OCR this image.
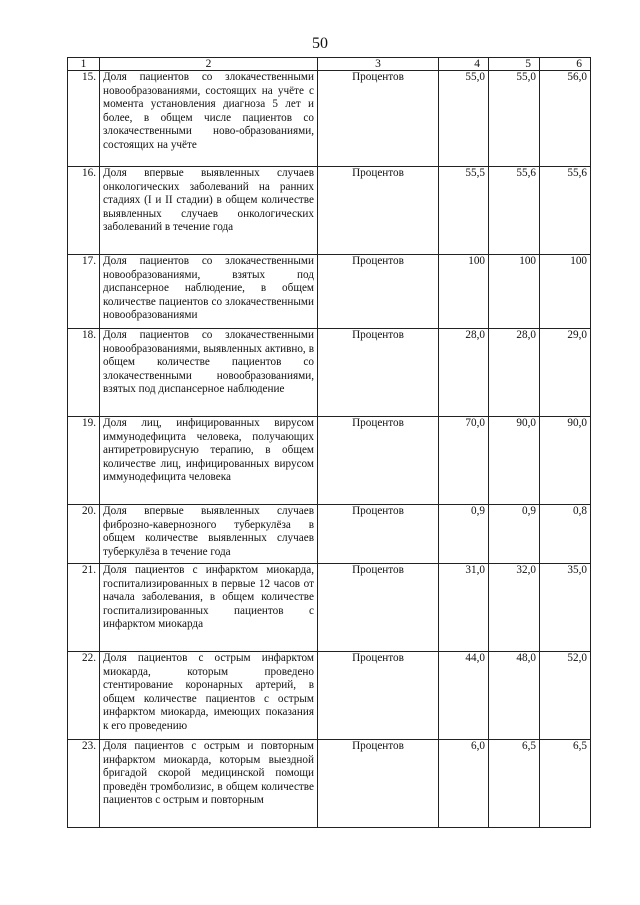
50
1	2	3	4	5	6
15.	Доля пациентов со злокачественными новообразованиями, состоящих на учёте с момента установления диагноза 5 лет и более, в общем числе пациентов со злокачественными ново-образованиями, состоящих на учёте	Процентов	55,0	55,0	56,0
16.	Доля впервые выявленных случаев онкологических заболеваний на ранних стадиях (I и II стадии) в общем количестве выявленных случаев онкологических заболеваний в течение года	Процентов	55,5	55,6	55,6
17.	Доля пациентов со злокачественными новообразованиями, взятых под диспансерное наблюдение, в общем количестве пациентов со злокачественными новообразованиями	Процентов	100	100	100
18.	Доля пациентов со злокачественными новообразованиями, выявленных активно, в общем количестве пациентов со злокачественными новообразованиями, взятых под диспансерное наблюдение	Процентов	28,0	28,0	29,0
19.	Доля лиц, инфицированных вирусом иммунодефицита человека, получающих антиретровирусную терапию, в общем количестве лиц, инфицированных вирусом иммунодефицита человека	Процентов	70,0	90,0	90,0
20.	Доля впервые выявленных случаев фиброзно-кавернозного туберкулёза в общем количестве выявленных случаев туберкулёза в течение года	Процентов	0,9	0,9	0,8
21.	Доля пациентов с инфарктом миокарда, госпитализированных в первые 12 часов от начала заболевания, в общем количестве госпитализированных пациентов с инфарктом миокарда	Процентов	31,0	32,0	35,0
22.	Доля пациентов с острым инфарктом миокарда, которым проведено стентирование коронарных артерий, в общем количестве пациентов с острым инфарктом миокарда, имеющих показания к его проведению	Процентов	44,0	48,0	52,0
23.	Доля пациентов с острым и повторным инфарктом миокарда, которым выездной бригадой скорой медицинской помощи проведён тромболизис, в общем количестве пациентов с острым и повторным	Процентов	6,0	6,5	6,5
